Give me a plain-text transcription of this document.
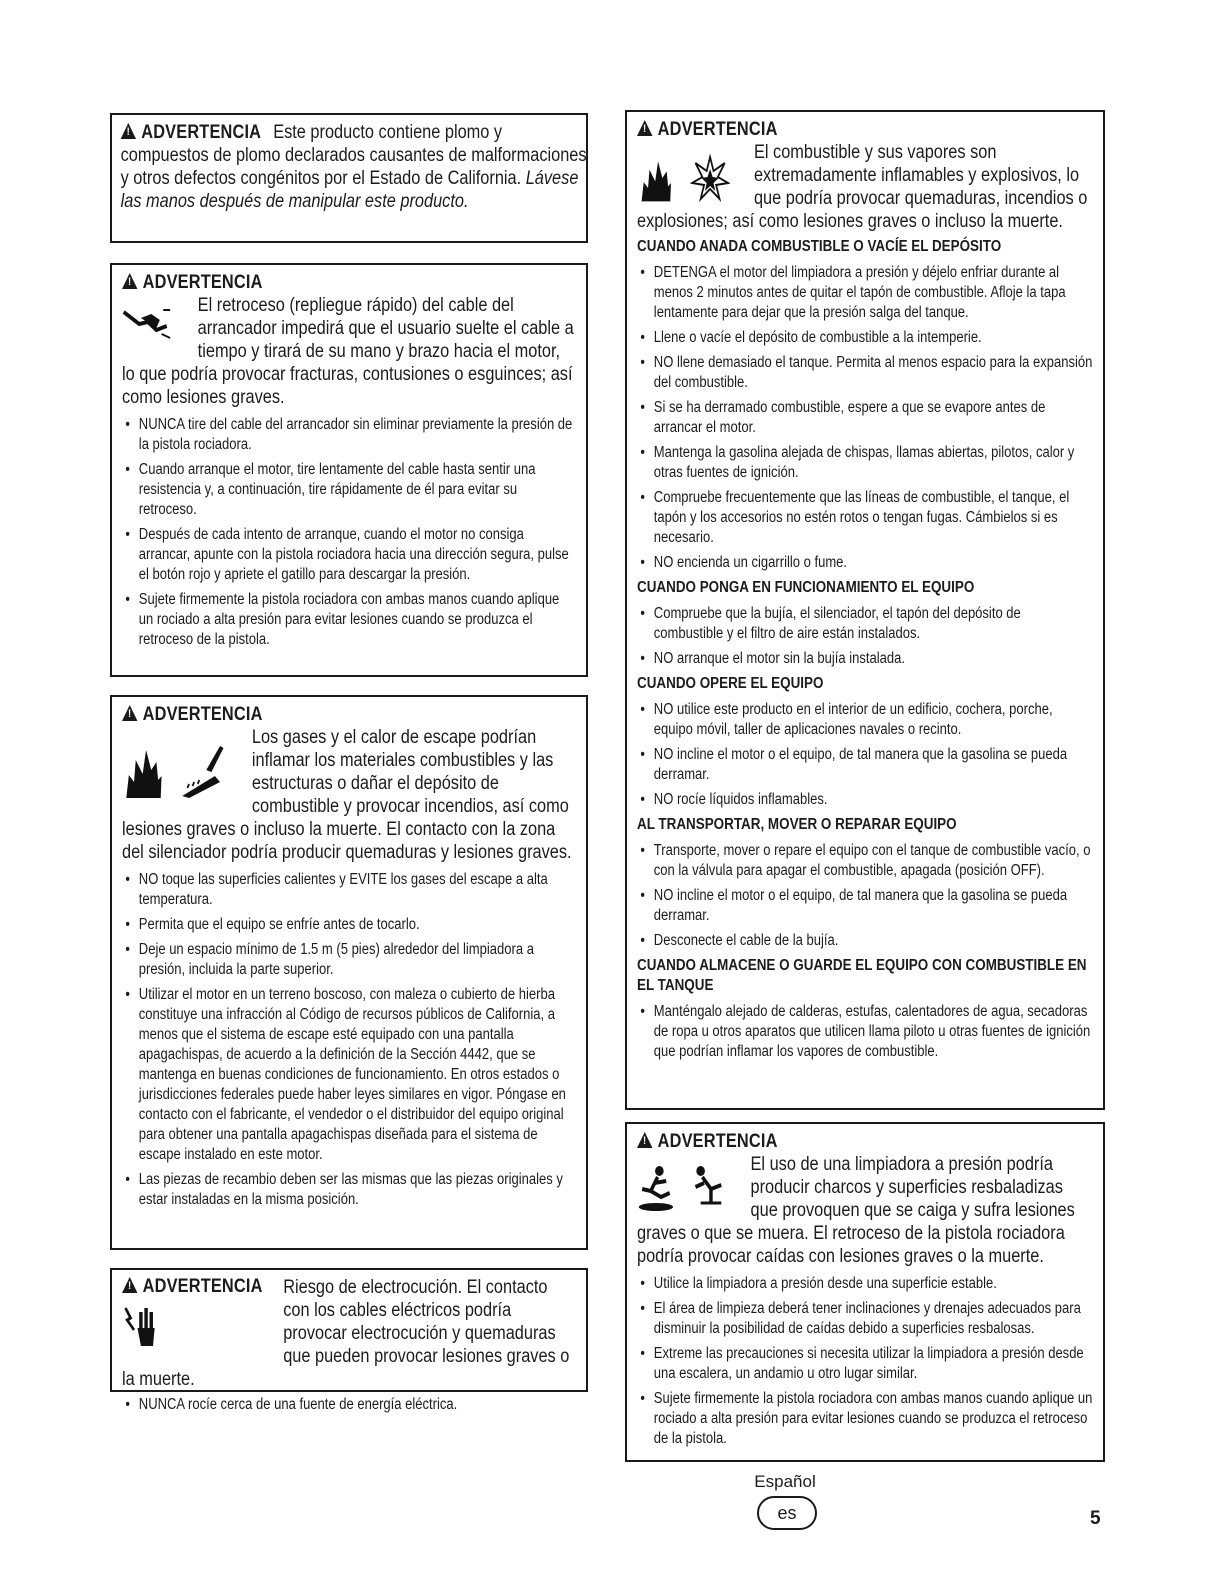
!ADVERTENCIA Este producto contiene plomo y compuestos de plomo declarados causantes de malformaciones y otros defectos congénitos por el Estado de California. Lávese las manos después de manipular este producto.
!ADVERTENCIA
El retroceso (repliegue rápido) del cable del arrancador impedirá que el usuario suelte el cable a tiempo y tirará de su mano y brazo hacia el motor, lo que podría provocar fracturas, contusiones o esguinces; así como lesiones graves.
• NUNCA tire del cable del arrancador sin eliminar previamente la presión de la pistola rociadora.
• Cuando arranque el motor, tire lentamente del cable hasta sentir una resistencia y, a continuación, tire rápidamente de él para evitar su retroceso.
• Después de cada intento de arranque, cuando el motor no consiga arrancar, apunte con la pistola rociadora hacia una dirección segura, pulse el botón rojo y apriete el gatillo para descargar la presión.
• Sujete firmemente la pistola rociadora con ambas manos cuando aplique un rociado a alta presión para evitar lesiones cuando se produzca el retroceso de la pistola.
!ADVERTENCIA
Los gases y el calor de escape podrían inflamar los materiales combustibles y las estructuras o dañar el depósito de combustible y provocar incendios, así como lesiones graves o incluso la muerte. El contacto con la zona del silenciador podría producir quemaduras y lesiones graves.
• NO toque las superficies calientes y EVITE los gases del escape a alta temperatura.
• Permita que el equipo se enfríe antes de tocarlo.
• Deje un espacio mínimo de 1.5 m (5 pies) alrededor del limpiadora a presión, incluida la parte superior.
• Utilizar el motor en un terreno boscoso, con maleza o cubierto de hierba constituye una infracción al Código de recursos públicos de California, a menos que el sistema de escape esté equipado con una pantalla apagachispas, de acuerdo a la definición de la Sección 4442, que se mantenga en buenas condiciones de funcionamiento. En otros estados o jurisdicciones federales puede haber leyes similares en vigor. Póngase en contacto con el fabricante, el vendedor o el distribuidor del equipo original para obtener una pantalla apagachispas diseñada para el sistema de escape instalado en este motor.
• Las piezas de recambio deben ser las mismas que las piezas originales y estar instaladas en la misma posición.
!ADVERTENCIA	Riesgo de electrocución. El contacto con los cables eléctricos podría provocar electrocución y quemaduras que pueden provocar lesiones graves o la muerte.
• NUNCA rocíe cerca de una fuente de energía eléctrica.
!ADVERTENCIA
El combustible y sus vapores son extremadamente inflamables y explosivos, lo que podría provocar quemaduras, incendios o explosiones; así como lesiones graves o incluso la muerte.
CUANDO ANADA COMBUSTIBLE O VACÍE EL DEPÓSITO
• DETENGA el motor del limpiadora a presión y déjelo enfriar durante al menos 2 minutos antes de quitar el tapón de combustible. Afloje la tapa lentamente para dejar que la presión salga del tanque.
• Llene o vacíe el depósito de combustible a la intemperie.
• NO llene demasiado el tanque. Permita al menos espacio para la expansión del combustible.
• Si se ha derramado combustible, espere a que se evapore antes de arrancar el motor.
• Mantenga la gasolina alejada de chispas, llamas abiertas, pilotos, calor y otras fuentes de ignición.
• Compruebe frecuentemente que las líneas de combustible, el tanque, el tapón y los accesorios no estén rotos o tengan fugas. Cámbielos si es necesario.
• NO encienda un cigarrillo o fume.
CUANDO PONGA EN FUNCIONAMIENTO EL EQUIPO
• Compruebe que la bujía, el silenciador, el tapón del depósito de combustible y el filtro de aire están instalados.
• NO arranque el motor sin la bujía instalada.
CUANDO OPERE EL EQUIPO
• NO utilice este producto en el interior de un edificio, cochera, porche, equipo móvil, taller de aplicaciones navales o recinto.
• NO incline el motor o el equipo, de tal manera que la gasolina se pueda derramar.
• NO rocíe líquidos inflamables.
AL TRANSPORTAR, MOVER O REPARAR EQUIPO
• Transporte, mover o repare el equipo con el tanque de combustible vacío, o con la válvula para apagar el combustible, apagada (posición OFF).
• NO incline el motor o el equipo, de tal manera que la gasolina se pueda derramar.
• Desconecte el cable de la bujía.
CUANDO ALMACENE O GUARDE EL EQUIPO CON COMBUSTIBLE EN EL TANQUE
• Manténgalo alejado de calderas, estufas, calentadores de agua, secadoras de ropa u otros aparatos que utilicen llama piloto u otras fuentes de ignición que podrían inflamar los vapores de combustible.
!ADVERTENCIA
El uso de una limpiadora a presión podría producir charcos y superficies resbaladizas que provoquen que se caiga y sufra lesiones graves o que se muera. El retroceso de la pistola rociadora podría provocar caídas con lesiones graves o la muerte.
• Utilice la limpiadora a presión desde una superficie estable.
• El área de limpieza deberá tener inclinaciones y drenajes adecuados para disminuir la posibilidad de caídas debido a superficies resbalosas.
• Extreme las precauciones si necesita utilizar la limpiadora a presión desde una escalera, un andamio u otro lugar similar.
• Sujete firmemente la pistola rociadora con ambas manos cuando aplique un rociado a alta presión para evitar lesiones cuando se produzca el retroceso de la pistola.
Español
es	5
